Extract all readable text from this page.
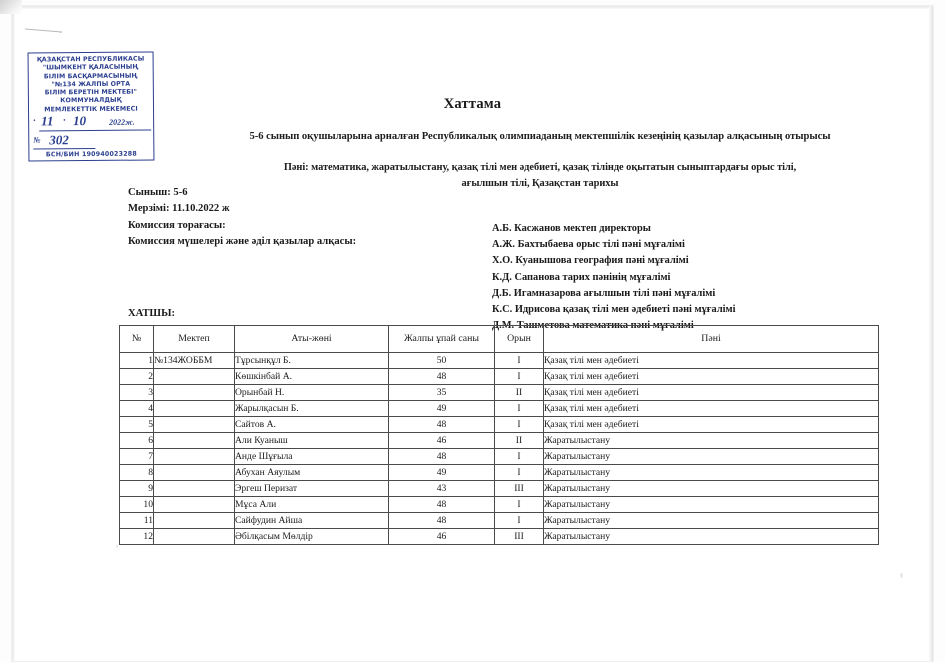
ҚАЗАҚСТАН РЕСПУБЛИКАСЫ
"ШЫМКЕНТ ҚАЛАСЫНЫҢ
БІЛІМ БАСҚАРМАСЫНЫҢ
"№134 ЖАЛПЫ ОРТА
БІЛІМ БЕРЕТІН МЕКТЕБІ"
КОММУНАЛДЫҚ
МЕМЛЕКЕТТІК МЕКЕМЕСІ
· 11 · 10	2022ж.
№ 302
БСН/БИН 190940023288
Хаттама
5-6 сынып оқушыларына арналған Республикалық олимпиаданың мектепшілік кезеңінің қазылар алқасының отырысы
Пәні: математика, жаратылыстану, қазақ тілі мен әдебиеті, қазақ тілінде оқытатын сыныптардағы орыс тілі,
ағылшын тілі, Қазақстан тарихы
Сыныш: 5-6
Мерзімі: 11.10.2022 ж
Комиссия торағасы:
Комиссия мүшелері және әділ қазылар алқасы:
ХАТШЫ:
А.Б. Касжанов мектеп директоры
А.Ж. Бахтыбаева орыс тілі пәні мұғалімі
Х.О. Куанышова география пәні мұғалімі
К.Д. Сапанова тарих пәнінің мұғалімі
Д.Б. Игамназарова ағылшын тілі пәні мұғалімі
К.С. Идрисова қазақ тілі мен әдебиеті пәні мұғалімі
Д.М. Ташметова математика пәні мұғалімі
№	Мектеп	Аты-жөні	Жалпы ұпай саны	Орын	Пәні
1	№134ЖОББМ	Тұрсынқұл Б.	50	I	Қазақ тілі мен әдебиеті
2		Көшкінбай А.	48	I	Қазақ тілі мен әдебиеті
3		Орынбай Н.	35	II	Қазақ тілі мен әдебиеті
4		Жарылқасын Б.	49	I	Қазақ тілі мен әдебиеті
5		Сайтов А.	48	I	Қазақ тілі мен әдебиеті
6		Али Куаныш	46	II	Жаратылыстану
7		Анде Шұғыла	48	I	Жаратылыстану
8		Абухан Аяулым	49	I	Жаратылыстану
9		Эргеш Перизат	43	III	Жаратылыстану
10		Мұса Али	48	I	Жаратылыстану
11		Сайфудин Айша	48	I	Жаратылыстану
12		Әбілқасым Мөлдір	46	III	Жаратылыстану
